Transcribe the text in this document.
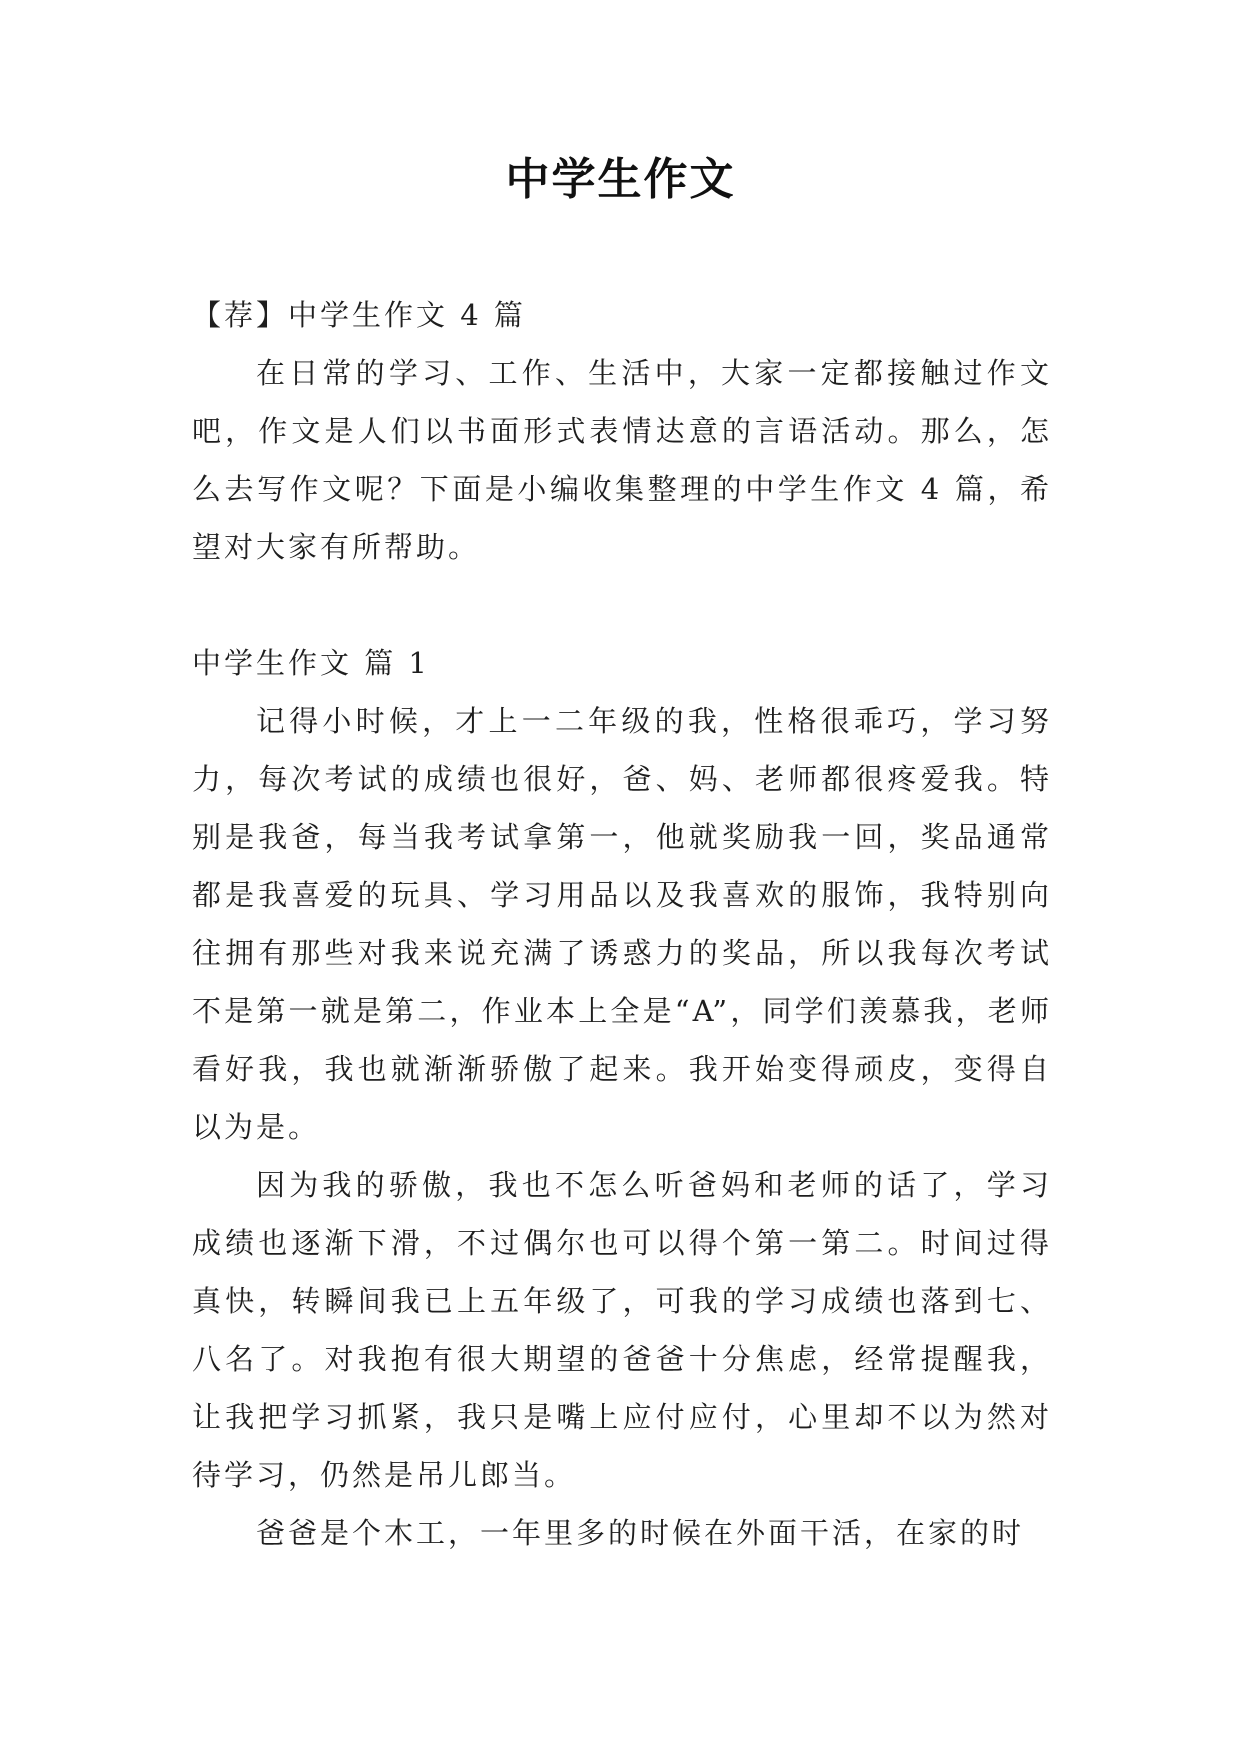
中学生作文

【荐】中学生作文 4 篇

在日常的学习、工作、生活中，大家一定都接触过作文吧，作文是人们以书面形式表情达意的言语活动。那么，怎么去写作文呢？下面是小编收集整理的中学生作文 4 篇，希望对大家有所帮助。

中学生作文 篇 1

记得小时候，才上一二年级的我，性格很乖巧，学习努力，每次考试的成绩也很好，爸、妈、老师都很疼爱我。特别是我爸，每当我考试拿第一，他就奖励我一回，奖品通常都是我喜爱的玩具、学习用品以及我喜欢的服饰，我特别向往拥有那些对我来说充满了诱惑力的奖品，所以我每次考试不是第一就是第二，作业本上全是“A”，同学们羡慕我，老师看好我，我也就渐渐骄傲了起来。我开始变得顽皮，变得自以为是。

因为我的骄傲，我也不怎么听爸妈和老师的话了，学习成绩也逐渐下滑，不过偶尔也可以得个第一第二。时间过得真快，转瞬间我已上五年级了，可我的学习成绩也落到七、八名了。对我抱有很大期望的爸爸十分焦虑，经常提醒我，让我把学习抓紧，我只是嘴上应付应付，心里却不以为然对待学习，仍然是吊儿郎当。

爸爸是个木工，一年里多的时候在外面干活，在家的时
